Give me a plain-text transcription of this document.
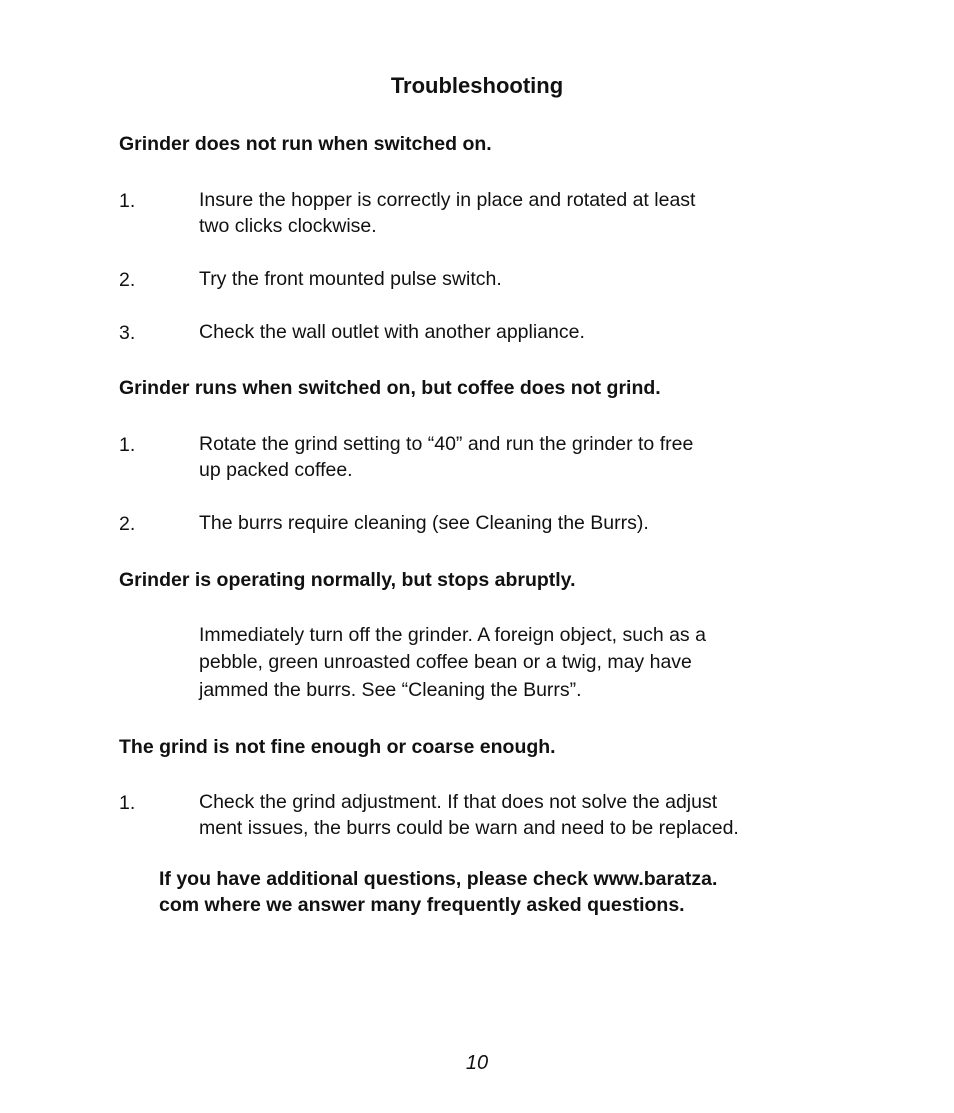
Troubleshooting
Grinder does not run when switched on.
1.	Insure the hopper is correctly in place and rotated at least
two clicks clockwise.
2.	Try the front mounted pulse switch.
3.	Check the wall outlet with another appliance.
Grinder runs when switched on, but coffee does not grind.
1.	Rotate the grind setting to “40” and run the grinder to free
up packed coffee.
2.	The burrs require cleaning (see Cleaning the Burrs).
Grinder is operating normally, but stops abruptly.
Immediately turn off the grinder. A foreign object, such as a
pebble, green unroasted coffee bean or a twig, may have
jammed the burrs. See “Cleaning the Burrs”.
The grind is not fine enough or coarse enough.
1.	Check the grind adjustment. If that does not solve the adjust
ment issues, the burrs could be warn and need to be replaced.
If you have additional questions, please check www.baratza.
com where we answer many frequently asked questions.
10
